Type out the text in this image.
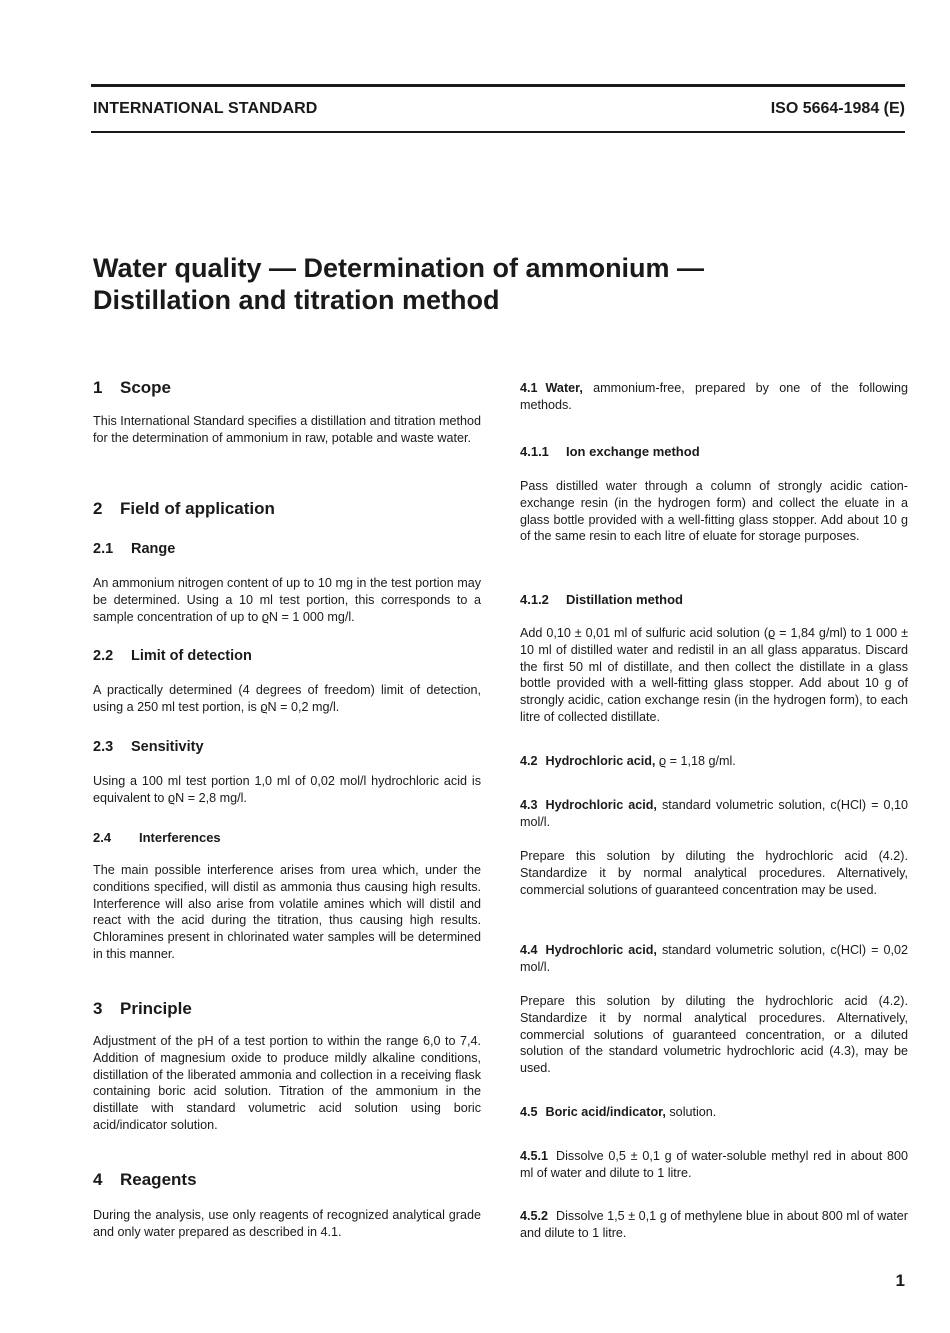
INTERNATIONAL STANDARD	ISO 5664-1984 (E)
Water quality — Determination of ammonium —
Distillation and titration method
1 Scope

This International Standard specifies a distillation and titration method for the determination of ammonium in raw, potable and waste water.

2 Field of application
2.1 Range

An ammonium nitrogen content of up to 10 mg in the test portion may be determined. Using a 10 ml test portion, this corresponds to a sample concentration of up to ϱN = 1 000 mg/l.

2.2 Limit of detection

A practically determined (4 degrees of freedom) limit of detection, using a 250 ml test portion, is ϱN = 0,2 mg/l.

2.3 Sensitivity

Using a 100 ml test portion 1,0 ml of 0,02 mol/l hydrochloric acid is equivalent to ϱN = 2,8 mg/l.

2.4 Interferences

The main possible interference arises from urea which, under the conditions specified, will distil as ammonia thus causing high results. Interference will also arise from volatile amines which will distil and react with the acid during the titration, thus causing high results. Chloramines present in chlorinated water samples will be determined in this manner.

3 Principle

Adjustment of the pH of a test portion to within the range 6,0 to 7,4. Addition of magnesium oxide to produce mildly alkaline conditions, distillation of the liberated ammonia and collection in a receiving flask containing boric acid solution. Titration of the ammonium in the distillate with standard volumetric acid solution using boric acid/indicator solution.

4 Reagents

During the analysis, use only reagents of recognized analytical grade and only water prepared as described in 4.1.

4.1 Water, ammonium-free, prepared by one of the following methods.

4.1.1 Ion exchange method

Pass distilled water through a column of strongly acidic cation-exchange resin (in the hydrogen form) and collect the eluate in a glass bottle provided with a well-fitting glass stopper. Add about 10 g of the same resin to each litre of eluate for storage purposes.

4.1.2 Distillation method

Add 0,10 ± 0,01 ml of sulfuric acid solution (ϱ = 1,84 g/ml) to 1 000 ± 10 ml of distilled water and redistil in an all glass apparatus. Discard the first 50 ml of distillate, and then collect the distillate in a glass bottle provided with a well-fitting glass stopper. Add about 10 g of strongly acidic, cation exchange resin (in the hydrogen form), to each litre of collected distillate.

4.2 Hydrochloric acid, ϱ = 1,18 g/ml.

4.3 Hydrochloric acid, standard volumetric solution, c(HCl) = 0,10 mol/l.

Prepare this solution by diluting the hydrochloric acid (4.2). Standardize it by normal analytical procedures. Alternatively, commercial solutions of guaranteed concentration may be used.

4.4 Hydrochloric acid, standard volumetric solution, c(HCl) = 0,02 mol/l.

Prepare this solution by diluting the hydrochloric acid (4.2). Standardize it by normal analytical procedures. Alternatively, commercial solutions of guaranteed concentration, or a diluted solution of the standard volumetric hydrochloric acid (4.3), may be used.

4.5 Boric acid/indicator, solution.

4.5.1 Dissolve 0,5 ± 0,1 g of water-soluble methyl red in about 800 ml of water and dilute to 1 litre.

4.5.2 Dissolve 1,5 ± 0,1 g of methylene blue in about 800 ml of water and dilute to 1 litre.

1
